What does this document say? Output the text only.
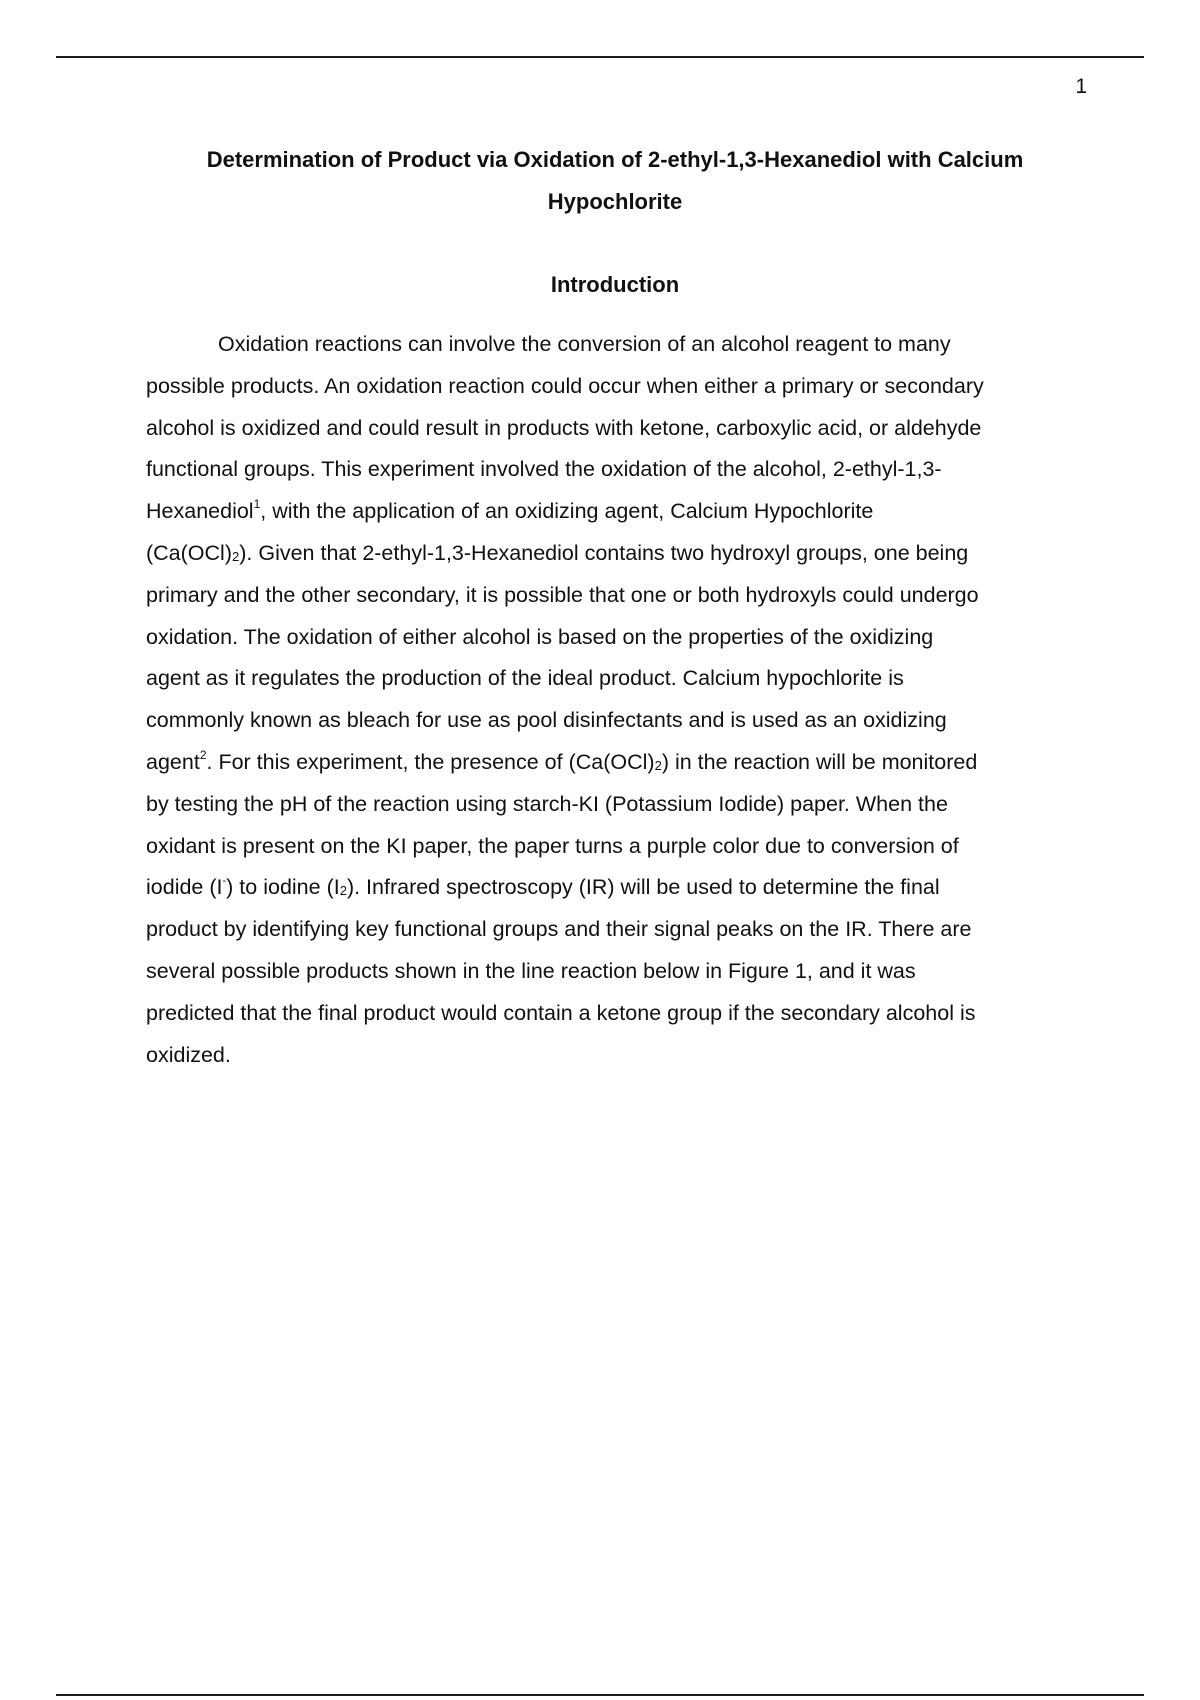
1
Determination of Product via Oxidation of 2-ethyl-1,3-Hexanediol with Calcium
Hypochlorite
Introduction
Oxidation reactions can involve the conversion of an alcohol reagent to many
possible products. An oxidation reaction could occur when either a primary or secondary
alcohol is oxidized and could result in products with ketone, carboxylic acid, or aldehyde
functional groups. This experiment involved the oxidation of the alcohol, 2-ethyl-1,3-
Hexanediol$^1$, with the application of an oxidizing agent, Calcium Hypochlorite
$(Ca(OCl)_2)$. Given that 2-ethyl-1,3-Hexanediol contains two hydroxyl groups, one being
primary and the other secondary, it is possible that one or both hydroxyls could undergo
oxidation. The oxidation of either alcohol is based on the properties of the oxidizing
agent as it regulates the production of the ideal product. Calcium hypochlorite is
commonly known as bleach for use as pool disinfectants and is used as an oxidizing
agent$^2$. For this experiment, the presence of $(Ca(OCl)_2)$ in the reaction will be monitored
by testing the pH of the reaction using starch-KI (Potassium Iodide) paper. When the
oxidant is present on the KI paper, the paper turns a purple color due to conversion of
iodide (I-) to iodine $(I_2)$. Infrared spectroscopy (IR) will be used to determine the final
product by identifying key functional groups and their signal peaks on the IR. There are
several possible products shown in the line reaction below in Figure 1, and it was
predicted that the final product would contain a ketone group if the secondary alcohol is
oxidized.
